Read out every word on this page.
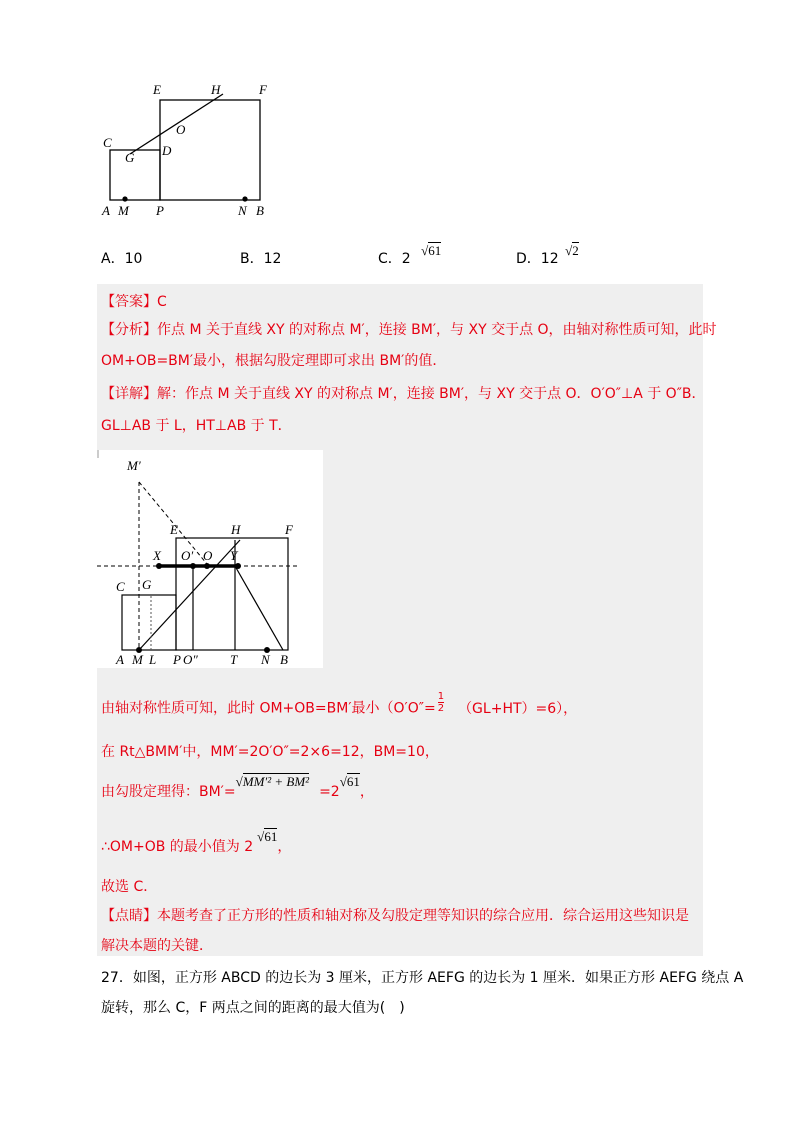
E	H	F
O
C
G D
A M P	N B
A．10	B．12	C．2 √61
D．12 √2
【答案】C
【分析】作点 M 关于直线 XY 的对称点 M′，连接 BM′，与 XY 交于点 O，由轴对称性质可知，此时
OM+OB=BM′最小，根据勾股定理即可求出 BM′的值．
【详解】解：作点 M 关于直线 XY 的对称点 M′，连接 BM′，与 XY 交于点 O．O′O″⊥A 于 O″B．
GL⊥AB 于 L，HT⊥AB 于 T．
M′
E	H	F
X O′ O Y
C G
A M L P O″ T N B
由轴对称性质可知，此时 OM+OB=BM′最小$(O'O''= \frac{1}{2} (GL+HT)=6)$，
在 Rt△BMM′中，MM′=2O′O″=2×6=12，BM=10，
由勾股定理得：BM′=√MM′² + BM²=2√61，
∴OM+OB 的最小值为 2√61，
故选 C．
【点睛】本题考查了正方形的性质和轴对称及勾股定理等知识的综合应用．综合运用这些知识是
解决本题的关键．
27．如图，正方形 ABCD 的边长为 3 厘米，正方形 AEFG 的边长为 1 厘米．如果正方形 AEFG 绕点 A
旋转，那么 C，F 两点之间的距离的最大值为(　)
